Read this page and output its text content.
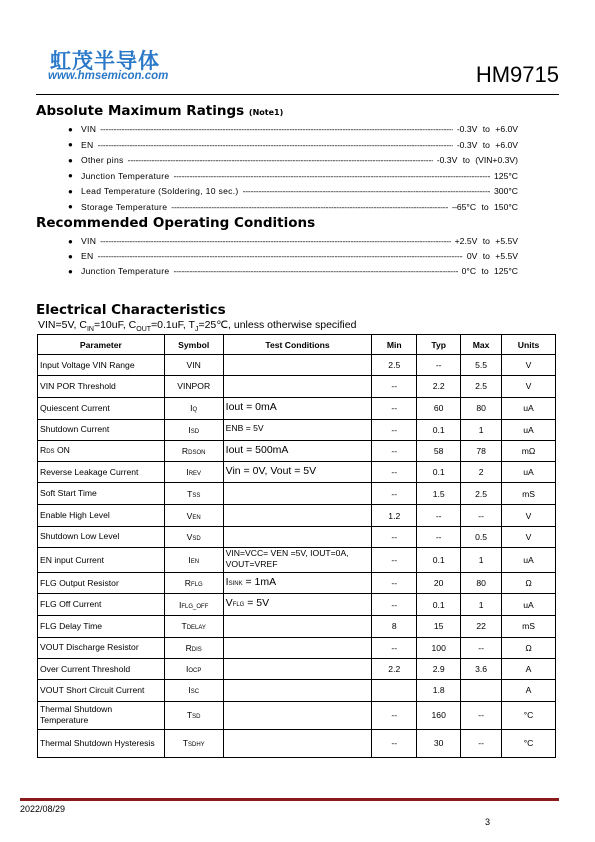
虹茂半导体
www.hmsemicon.com	HM9715
Absolute Maximum Ratings (Note1)
● VIN -----	-0.3V to +6.0V
● EN -----	-0.3V to +6.0V
● Other pins -----	-0.3V to (VIN+0.3V)
● Junction Temperature -----	125°C
● Lead Temperature (Soldering, 10 sec.) -----	300°C
● Storage Temperature -----	–65°C to 150°C
Recommended Operating Conditions
● VIN -----	+2.5V to +5.5V
● EN -----	0V to +5.5V
● Junction Temperature -----	0°C to 125°C
Electrical Characteristics
VIN=5V, $C_{IN}=10uF$, $C_{OUT}=0.1uF$, $T_J=25℃$, unless otherwise specified
Parameter	Symbol	Test Conditions	Min	Typ	Max	Units
Input Voltage VIN Range	VIN		2.5	--	5.5	V
VIN POR Threshold	VINPOR		--	2.2	2.5	V
Quiescent Current	IQ	Iout = 0mA	--	60	80	uA
Shutdown Current	ISD	ENB = 5V	--	0.1	1	uA
RDS ON	RDSON	Iout = 500mA	--	58	78	mΩ
Reverse Leakage Current	IREV	Vin = 0V, Vout = 5V	--	0.1	2	uA
Soft Start Time	TSS		--	1.5	2.5	mS
Enable High Level	VEN		1.2	--	--	V
Shutdown Low Level	VSD		--	--	0.5	V
EN input Current	IEN	VIN=VCC= VEN =5V, IOUT=0A, VOUT=VREF	--	0.1	1	uA
FLG Output Resistor	RFLG	ISINK = 1mA	--	20	80	Ω
FLG Off Current	IFLG_OFF	VFLG = 5V	--	0.1	1	uA
FLG Delay Time	TDELAY		8	15	22	mS
VOUT Discharge Resistor	RDIS		--	100	--	Ω
Over Current Threshold	IOCP		2.2	2.9	3.6	A
VOUT Short Circuit Current	ISC			1.8		A
Thermal Shutdown Temperature	TSD		--	160	--	°C
Thermal Shutdown Hysteresis	TSDHY		--	30	--	°C
2022/08/29
3
